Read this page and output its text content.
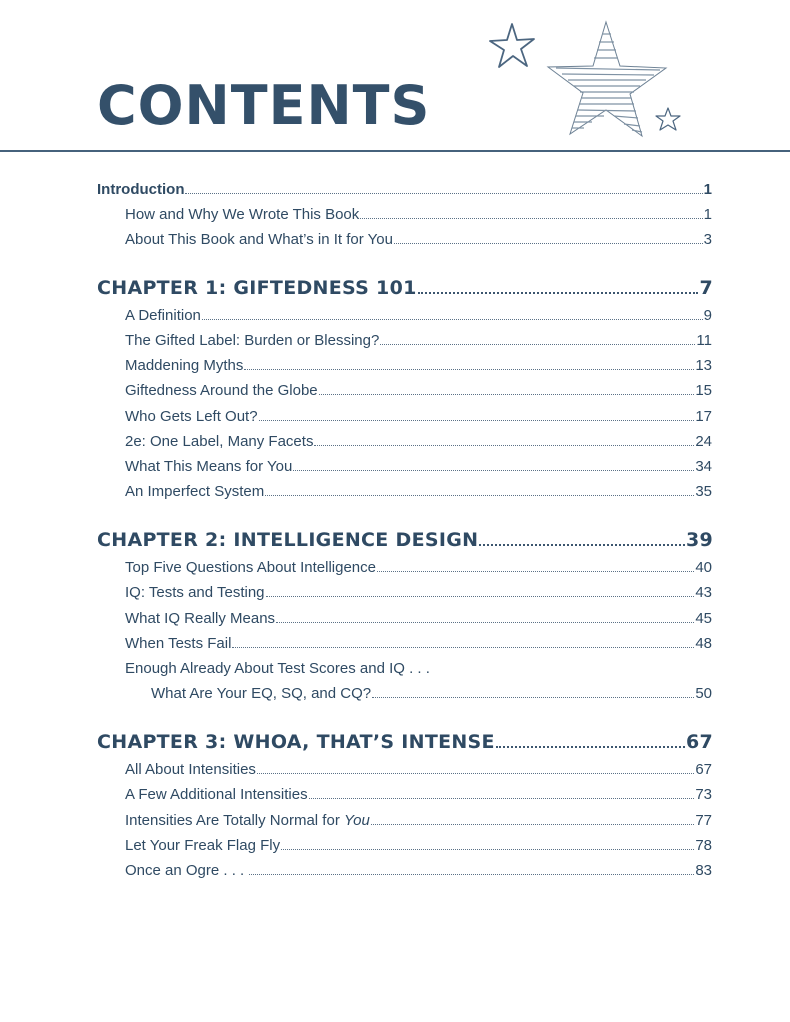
CONTENTS
Introduction	1
How and Why We Wrote This Book	1
About This Book and What’s in It for You	3
CHAPTER 1: GIFTEDNESS 101	7
A Definition	9
The Gifted Label: Burden or Blessing?	11
Maddening Myths	13
Giftedness Around the Globe	15
Who Gets Left Out?	17
2e: One Label, Many Facets	24
What This Means for You	34
An Imperfect System	35
CHAPTER 2: INTELLIGENCE DESIGN	39
Top Five Questions About Intelligence	40
IQ: Tests and Testing	43
What IQ Really Means	45
When Tests Fail	48
Enough Already About Test Scores and IQ . . .
What Are Your EQ, SQ, and CQ?	50
CHAPTER 3: WHOA, THAT’S INTENSE	67
All About Intensities	67
A Few Additional Intensities	73
Intensities Are Totally Normal for You	77
Let Your Freak Flag Fly	78
Once an Ogre . . .	83
